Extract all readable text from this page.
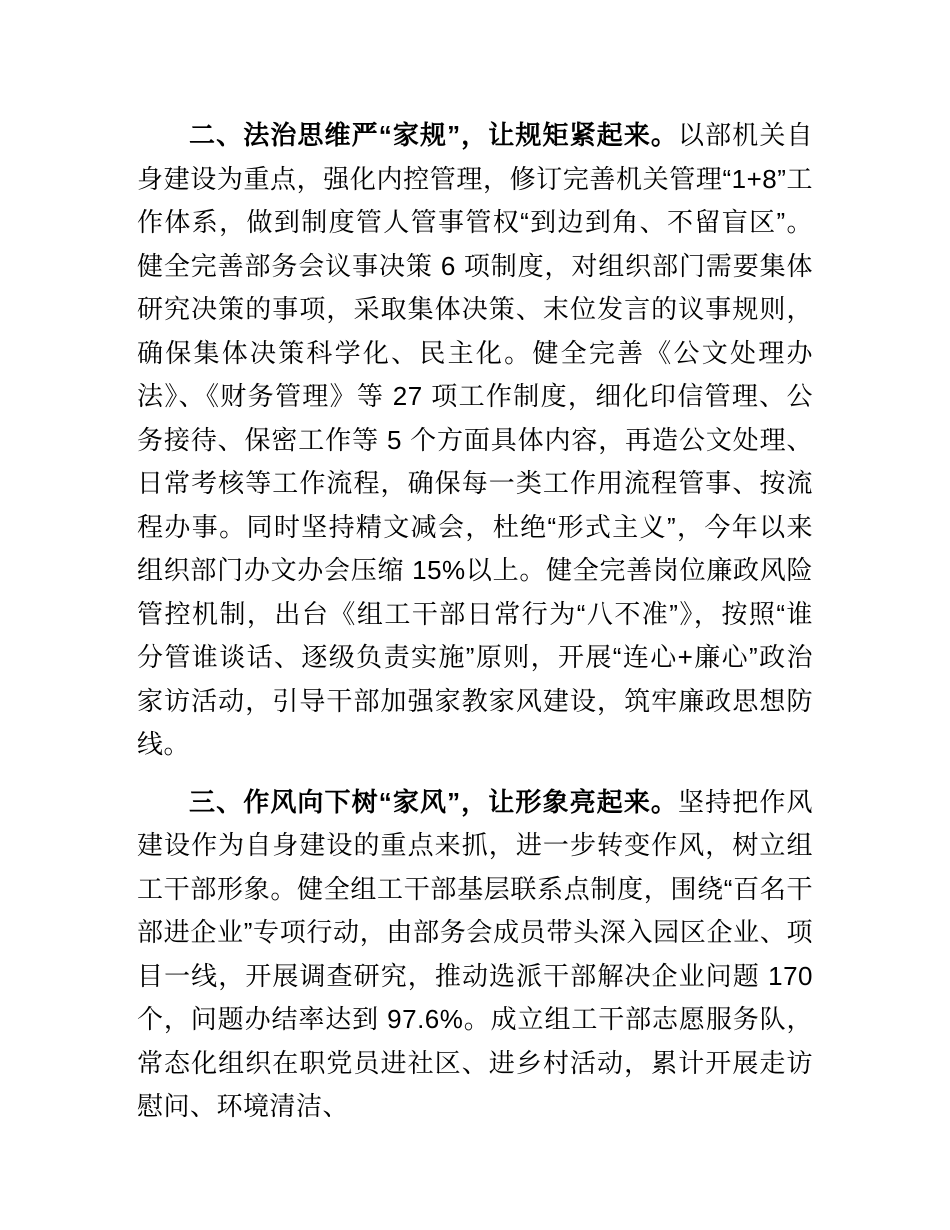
二、法治思维严“家规”，让规矩紧起来。以部机关自身建设为重点，强化内控管理，修订完善机关管理“1+8”工作体系，做到制度管人管事管权“到边到角、不留盲区”。健全完善部务会议事决策 6 项制度，对组织部门需要集体研究决策的事项，采取集体决策、末位发言的议事规则，确保集体决策科学化、民主化。健全完善《公文处理办法》、《财务管理》等 27 项工作制度，细化印信管理、公务接待、保密工作等 5 个方面具体内容，再造公文处理、日常考核等工作流程，确保每一类工作用流程管事、按流程办事。同时坚持精文减会，杜绝“形式主义”，今年以来组织部门办文办会压缩 15%以上。健全完善岗位廉政风险管控机制，出台《组工干部日常行为“八不准”》，按照“谁分管谁谈话、逐级负责实施”原则，开展“连心+廉心”政治家访活动，引导干部加强家教家风建设，筑牢廉政思想防线。

三、作风向下树“家风”，让形象亮起来。坚持把作风建设作为自身建设的重点来抓，进一步转变作风，树立组工干部形象。健全组工干部基层联系点制度，围绕“百名干部进企业”专项行动，由部务会成员带头深入园区企业、项目一线，开展调查研究，推动选派干部解决企业问题 170 个，问题办结率达到 97.6%。成立组工干部志愿服务队，常态化组织在职党员进社区、进乡村活动，累计开展走访慰问、环境清洁、
